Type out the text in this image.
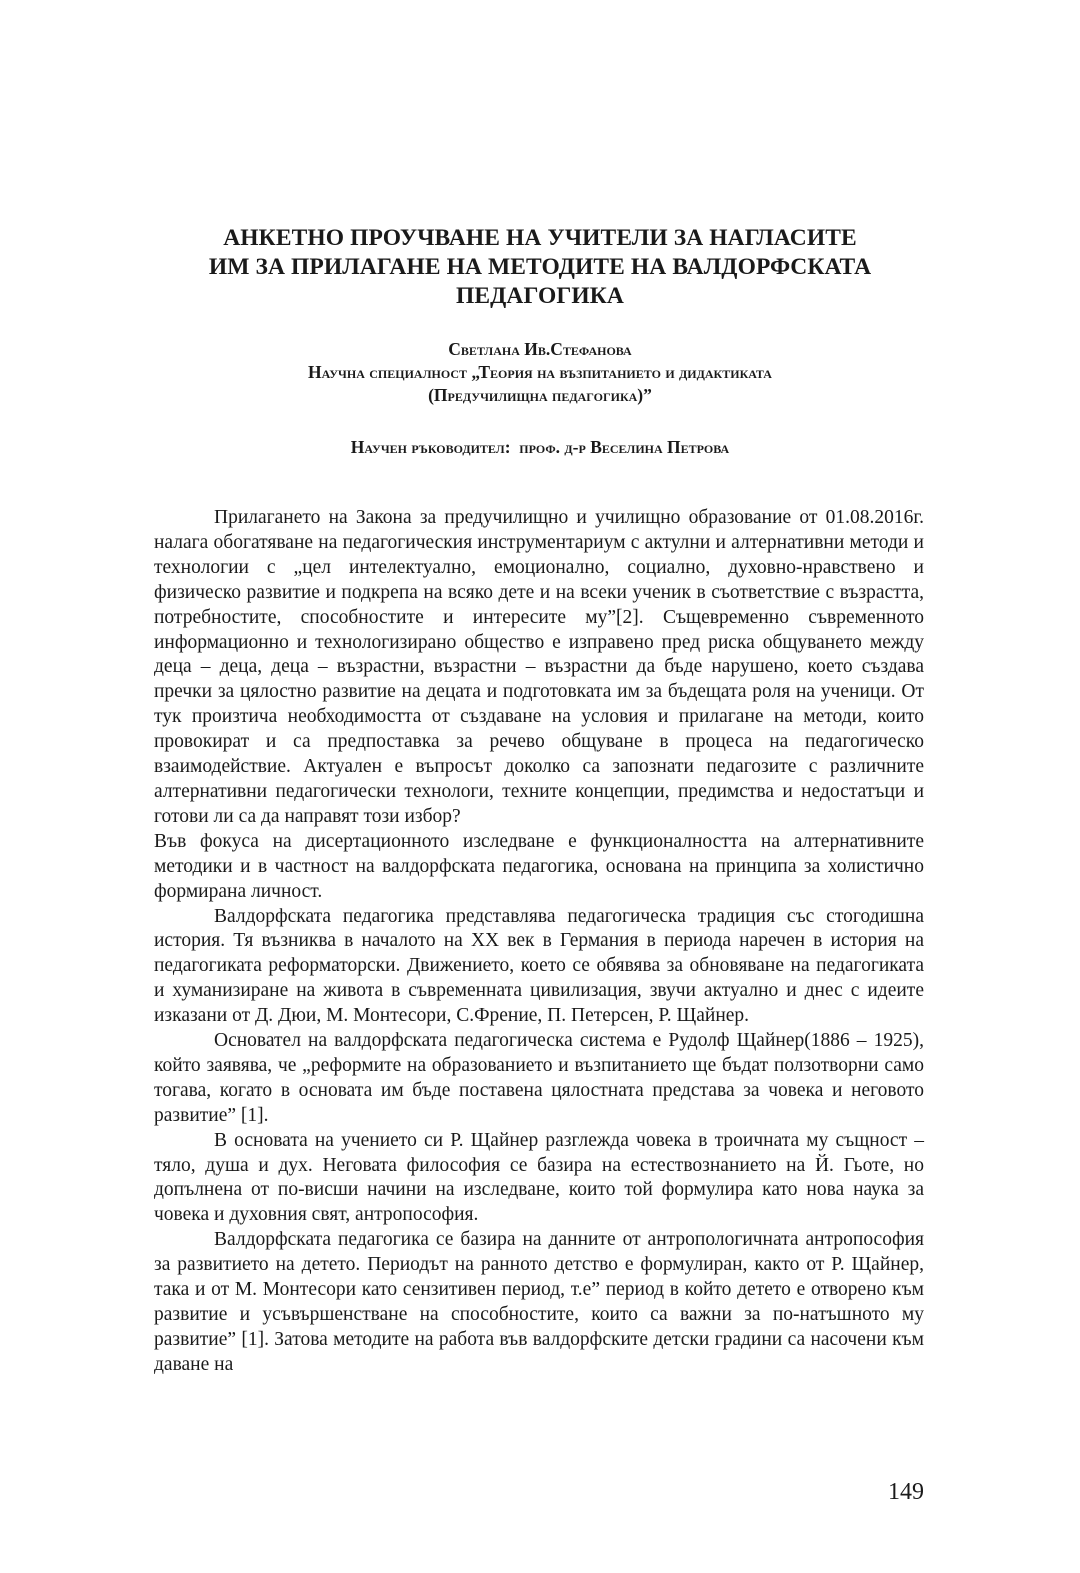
АНКЕТНО ПРОУЧВАНЕ НА УЧИТЕЛИ ЗА НАГЛАСИТЕ
ИМ ЗА ПРИЛАГАНЕ НА МЕТОДИТЕ НА ВАЛДОРФСКАТА
ПЕДАГОГИКА
Светлана Ив.Стефанова
Научна специалност „Теория на възпитанието и дидактиката
(Предучилищна педагогика)”
Научен ръководител:  проф. д-р Веселина Петрова

Прилагането на Закона за предучилищно и училищно образование от 01.08.2016г. налага обогатяване на педагогическия инструментариум с актулни и алтернативни методи и технологии с „цел интелектуално, емоционално, социално, духовно-нравствено и физическо развитие и подкрепа на всяко дете и на всеки ученик в съответствие с възрастта, потребностите, способностите и интересите му”[2]. Същевременно съвременното информационно и технологизирано общество е изправено пред риска общуването между деца – деца, деца – възрастни, възрастни – възрастни да бъде нарушено, което създава пречки за цялостно развитие на децата и подготовката им за бъдещата роля на ученици. От тук произтича необходимостта от създаване на условия и прилагане на методи, които провокират и са предпоставка за речево общуване в процеса на педагогическо взаимодействие. Актуален е въпросът доколко са запознати педагозите с различните алтернативни педагогически технологи, техните концепции, предимства и недостатъци и готови ли са да направят този избор?

Във фокуса на дисертационното изследване е функционалността на алтернативните методики и в частност на валдорфската педагогика, основана на принципа за холистично формирана личност.

Валдорфската педагогика представлява педагогическа традиция със стогодишна история. Тя възниква в началото на XX век в Германия в периода наречен в история на педагогиката реформаторски. Движението, което се обявява за обновяване на педагогиката и хуманизиране на живота в съвременната цивилизация, звучи актуално и днес с идеите изказани от Д. Дюи, М. Монтесори, С.Френие, П. Петерсен, Р. Щайнер.

Основател на валдорфската педагогическа система е Рудолф Щайнер(1886 – 1925), който заявява, че „реформите на образованието и възпитанието ще бъдат ползотворни само тогава, когато в основата им бъде поставена цялостната представа за човека и неговото развитие” [1].

В основата на учението си Р. Щайнер разглежда човека в троичната му същност – тяло, душа и дух. Неговата философия се базира на естествознанието на Й. Гьоте, но допълнена от по-висши начини на изследване, които той формулира като нова наука за човека и духовния свят, антропософия.

Валдорфската педагогика се базира на данните от антропологичната антропософия за развитието на детето. Периодът на ранното детство е формулиран, както от Р. Щайнер, така и от М. Монтесори като сензитивен период, т.е” период в който детето е отворено към развитие и усъвършенстване на способностите, които са важни за по-натъшното му развитие” [1]. Затова методите на работа във валдорфските детски градини са насочени към даване на

149
